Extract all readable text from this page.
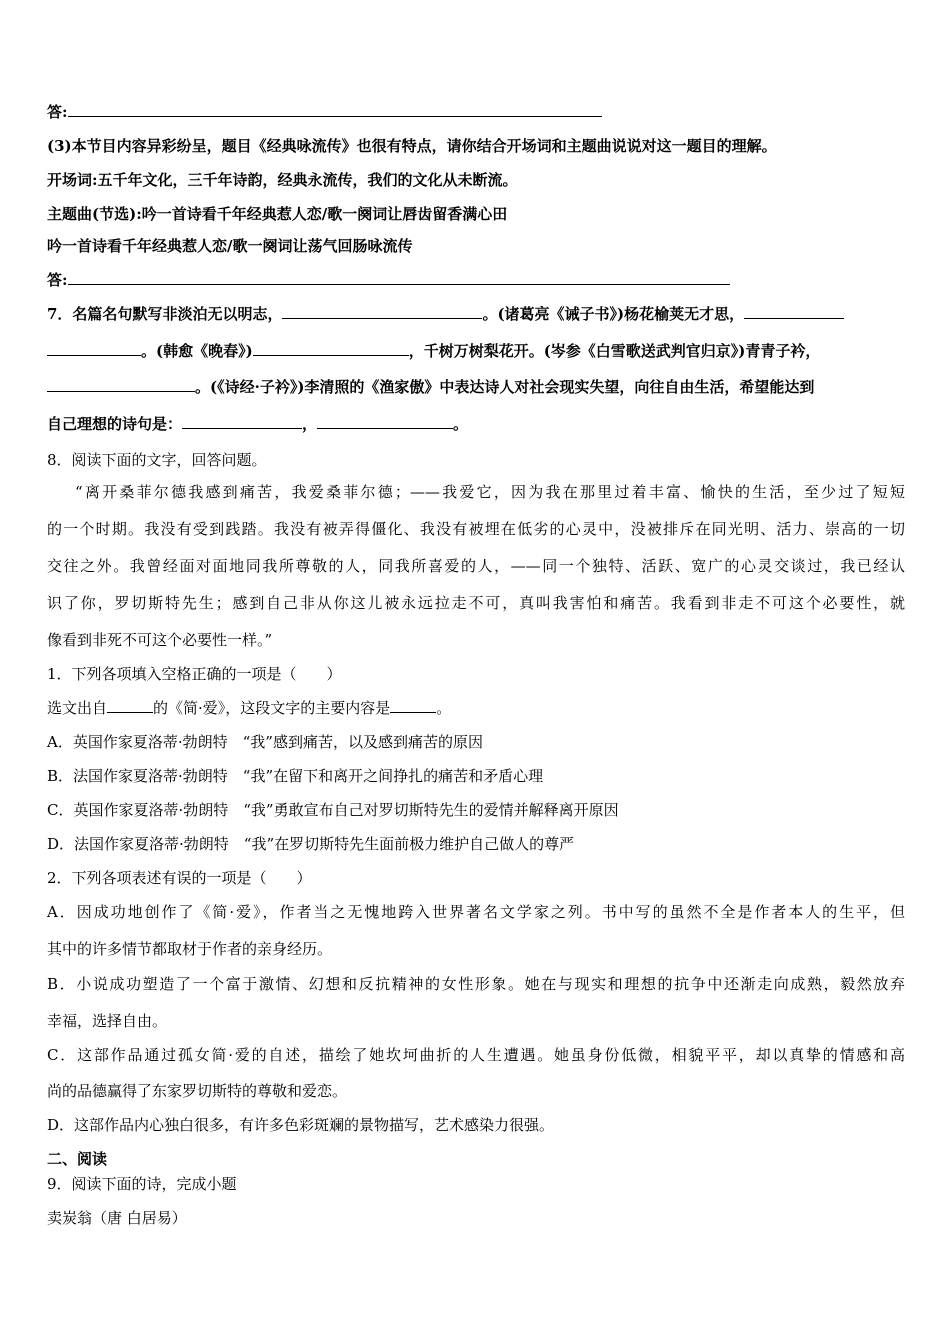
答:
(3)本节目内容异彩纷呈，题目《经典咏流传》也很有特点，请你结合开场词和主题曲说说对这一题目的理解。
开场词:五千年文化，三千年诗韵，经典永流传，我们的文化从未断流。
主题曲(节选):吟一首诗看千年经典惹人恋/歌一阕词让唇齿留香满心田
吟一首诗看千年经典惹人恋/歌一阕词让荡气回肠咏流传
答:
7．名篇名句默写非淡泊无以明志，	。(诸葛亮《诫子书》)杨花榆荚无才思，
。(韩愈《晚春》)	，千树万树梨花开。(岑参《白雪歌送武判官归京》)青青子衿，
。(《诗经·子衿》)李清照的《渔家傲》中表达诗人对社会现实失望，向往自由生活，希望能达到
自己理想的诗句是：	，	。
8．阅读下面的文字，回答问题。
“离开桑菲尔德我感到痛苦，我爱桑菲尔德；——我爱它，因为我在那里过着丰富、愉快的生活，至少过了短短
的一个时期。我没有受到践踏。我没有被弄得僵化、我没有被埋在低劣的心灵中，没被排斥在同光明、活力、崇高的一切
交往之外。我曾经面对面地同我所尊敬的人，同我所喜爱的人，——同一个独特、活跃、宽广的心灵交谈过，我已经认
识了你，罗切斯特先生；感到自己非从你这儿被永远拉走不可，真叫我害怕和痛苦。我看到非走不可这个必要性，就
像看到非死不可这个必要性一样。”
1．下列各项填入空格正确的一项是（　　）
选文出自	的《简·爱》，这段文字的主要内容是	。
A．英国作家夏洛蒂·勃朗特　“我”感到痛苦，以及感到痛苦的原因
B．法国作家夏洛蒂·勃朗特　“我”在留下和离开之间挣扎的痛苦和矛盾心理
C．英国作家夏洛蒂·勃朗特　“我”勇敢宣布自己对罗切斯特先生的爱情并解释离开原因
D．法国作家夏洛蒂·勃朗特　“我”在罗切斯特先生面前极力维护自己做人的尊严
2．下列各项表述有误的一项是（　　）
A．因成功地创作了《简·爱》，作者当之无愧地跨入世界著名文学家之列。书中写的虽然不全是作者本人的生平，但
其中的许多情节都取材于作者的亲身经历。
B．小说成功塑造了一个富于激情、幻想和反抗精神的女性形象。她在与现实和理想的抗争中还渐走向成熟，毅然放弃
幸福，选择自由。
C．这部作品通过孤女简·爱的自述，描绘了她坎坷曲折的人生遭遇。她虽身份低微，相貌平平，却以真挚的情感和高
尚的品德赢得了东家罗切斯特的尊敬和爱恋。
D．这部作品内心独白很多，有许多色彩斑斓的景物描写，艺术感染力很强。
二、阅读
9．阅读下面的诗，完成小题
卖炭翁（唐 白居易）
